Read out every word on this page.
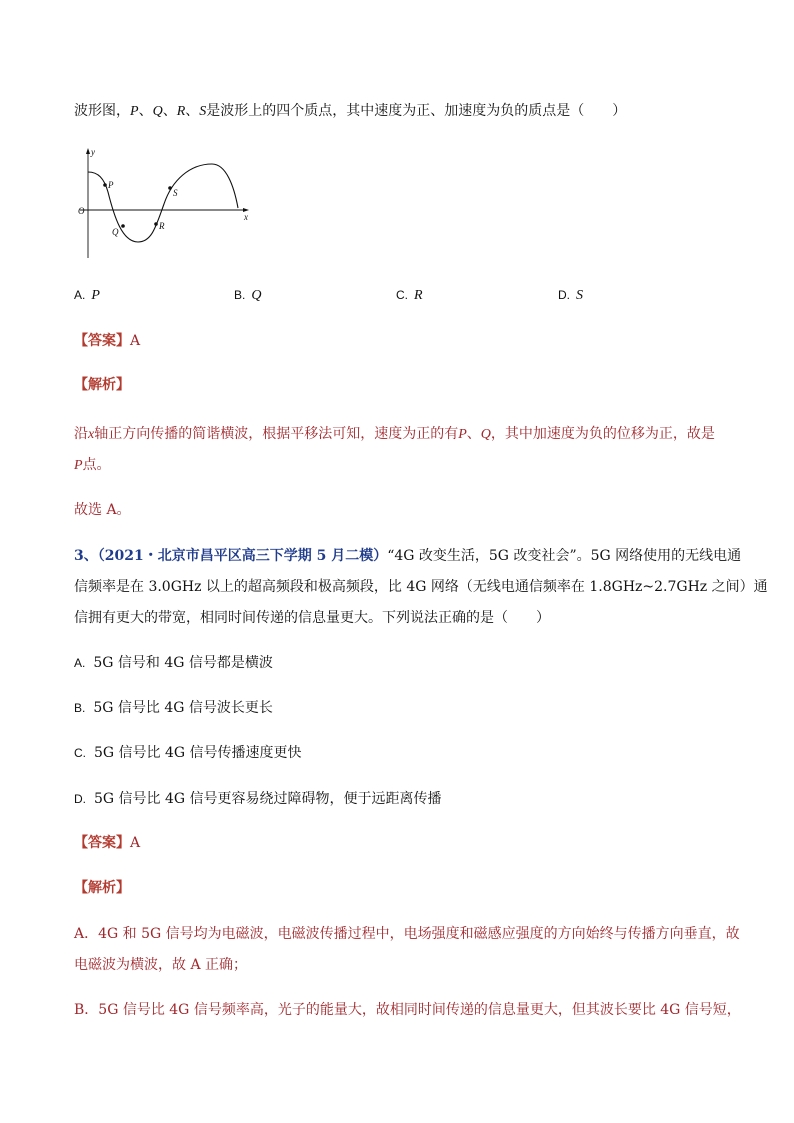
波形图，P、Q、R、S是波形上的四个质点，其中速度为正、加速度为负的质点是（　　）
y
x
O
P
Q
R
S
A. P	B. Q	C. R	D. S
【答案】A
【解析】
沿x轴正方向传播的简谐横波，根据平移法可知，速度为正的有P、Q，其中加速度为负的位移为正，故是
P点。
故选 A。
3、（2021・北京市昌平区高三下学期 5 月二模）“4G 改变生活，5G 改变社会”。5G 网络使用的无线电通
信频率是在 3.0GHz 以上的超高频段和极高频段，比 4G 网络（无线电通信频率在 1.8GHz~2.7GHz 之间）通
信拥有更大的带宽，相同时间传递的信息量更大。下列说法正确的是（　　）
A. 5G 信号和 4G 信号都是横波
B. 5G 信号比 4G 信号波长更长
C. 5G 信号比 4G 信号传播速度更快
D. 5G 信号比 4G 信号更容易绕过障碍物，便于远距离传播
【答案】A
【解析】
A．4G 和 5G 信号均为电磁波，电磁波传播过程中，电场强度和磁感应强度的方向始终与传播方向垂直，故
电磁波为横波，故 A 正确；
B．5G 信号比 4G 信号频率高，光子的能量大，故相同时间传递的信息量更大，但其波长要比 4G 信号短，
